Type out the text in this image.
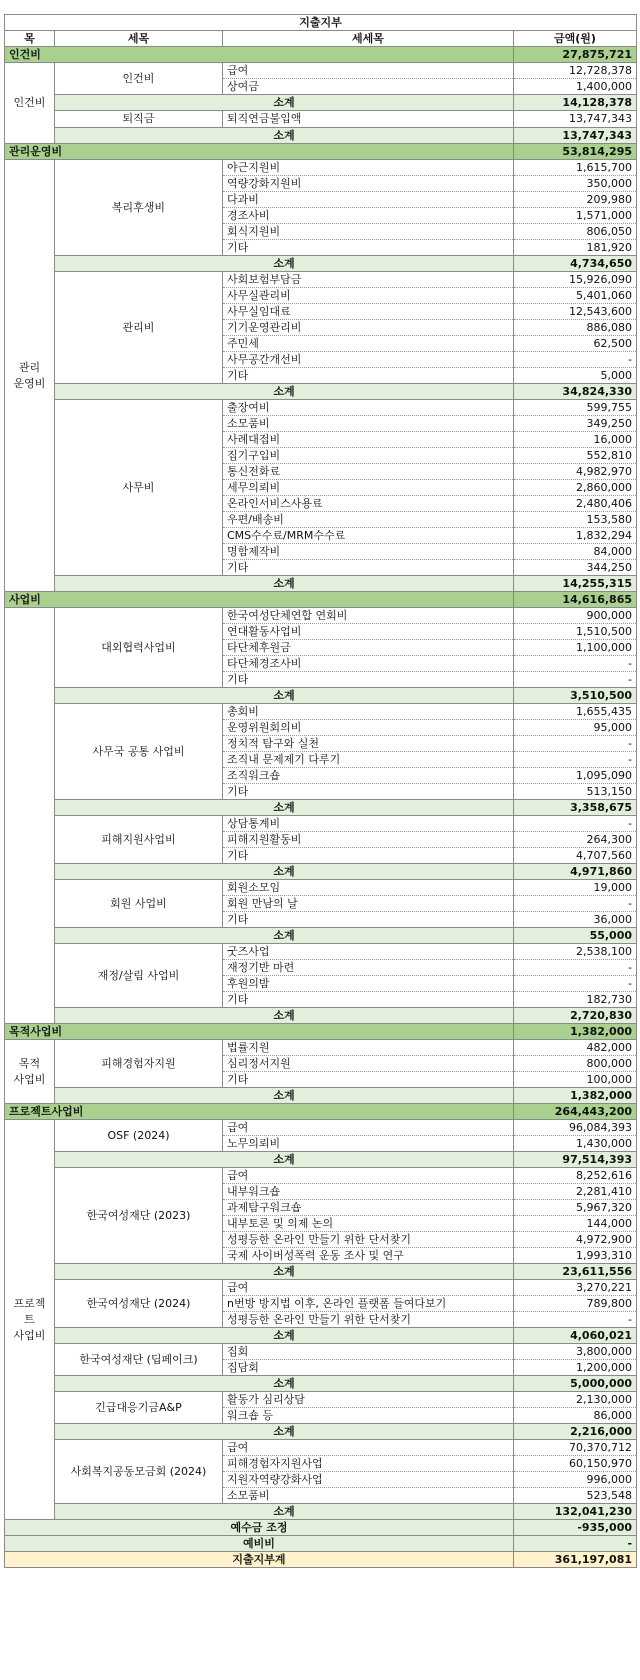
지출지부			
목	세목	세세목	금액(원)
인건비			27,875,721
인건비	인건비	급여	12,728,378
		상여금	1,400,000
	소계		14,128,378
	퇴직금	퇴직연금불입액	13,747,343
	소계		13,747,343
관리운영비			53,814,295
관리
운영비	복리후생비	야근지원비	1,615,700
		역량강화지원비	350,000
		다과비	209,980
		경조사비	1,571,000
		회식지원비	806,050
		기타	181,920
	소계		4,734,650
	관리비	사회보험부담금	15,926,090
		사무실관리비	5,401,060
		사무실임대료	12,543,600
		기기운영관리비	886,080
		주민세	62,500
		사무공간개선비	-
		기타	5,000
	소계		34,824,330
	사무비	출장여비	599,755
		소모품비	349,250
		사례대접비	16,000
		집기구입비	552,810
		통신전화료	4,982,970
		세무의뢰비	2,860,000
		온라인서비스사용료	2,480,406
		우편/배송비	153,580
		CMS수수료/MRM수수료	1,832,294
		명함제작비	84,000
		기타	344,250
	소계		14,255,315
사업비			14,616,865
	대외협력사업비	한국여성단체연합 연회비	900,000
		연대활동사업비	1,510,500
		타단체후원금	1,100,000
		타단체경조사비	-
		기타	-
	소계		3,510,500
	사무국 공통 사업비	총회비	1,655,435
		운영위원회의비	95,000
		정치적 탐구와 실천	-
		조직내 문제제기 다루기	-
		조직워크숍	1,095,090
		기타	513,150
	소계		3,358,675
	피해지원사업비	상담통계비	-
		피해지원활동비	264,300
		기타	4,707,560
	소계		4,971,860
	회원 사업비	회원소모임	19,000
		회원 만남의 날	-
		기타	36,000
	소계		55,000
	재정/살림 사업비	굿즈사업	2,538,100
		재정기반 마련	-
		후원의밤	-
		기타	182,730
	소계		2,720,830
목적사업비			1,382,000
목적
사업비	피해경험자지원	법률지원	482,000
		심리정서지원	800,000
		기타	100,000
	소계		1,382,000
프로젝트사업비			264,443,200
프로젝트
사업비	OSF (2024)	급여	96,084,393
		노무의뢰비	1,430,000
	소계		97,514,393
	한국여성재단 (2023)	급여	8,252,616
		내부워크숍	2,281,410
		과제탐구워크숍	5,967,320
		내부토론 및 의제 논의	144,000
		성평등한 온라인 만들기 위한 단서찾기	4,972,900
		국제 사이버성폭력 운동 조사 및 연구	1,993,310
	소계		23,611,556
	한국여성재단 (2024)	급여	3,270,221
		n번방 방지법 이후, 온라인 플랫폼 들여다보기	789,800
		성평등한 온라인 만들기 위한 단서찾기	-
	소계		4,060,021
	한국여성재단 (딥페이크)	집회	3,800,000
		집담회	1,200,000
	소계		5,000,000
	긴급대응기금A&P	활동가 심리상담	2,130,000
		워크숍 등	86,000
	소계		2,216,000
	사회복지공동모금회 (2024)	급여	70,370,712
		피해경험자지원사업	60,150,970
		지원자역량강화사업	996,000
		소모품비	523,548
	소계		132,041,230
예수금 조정			-935,000
예비비			-
지출지부계			361,197,081
